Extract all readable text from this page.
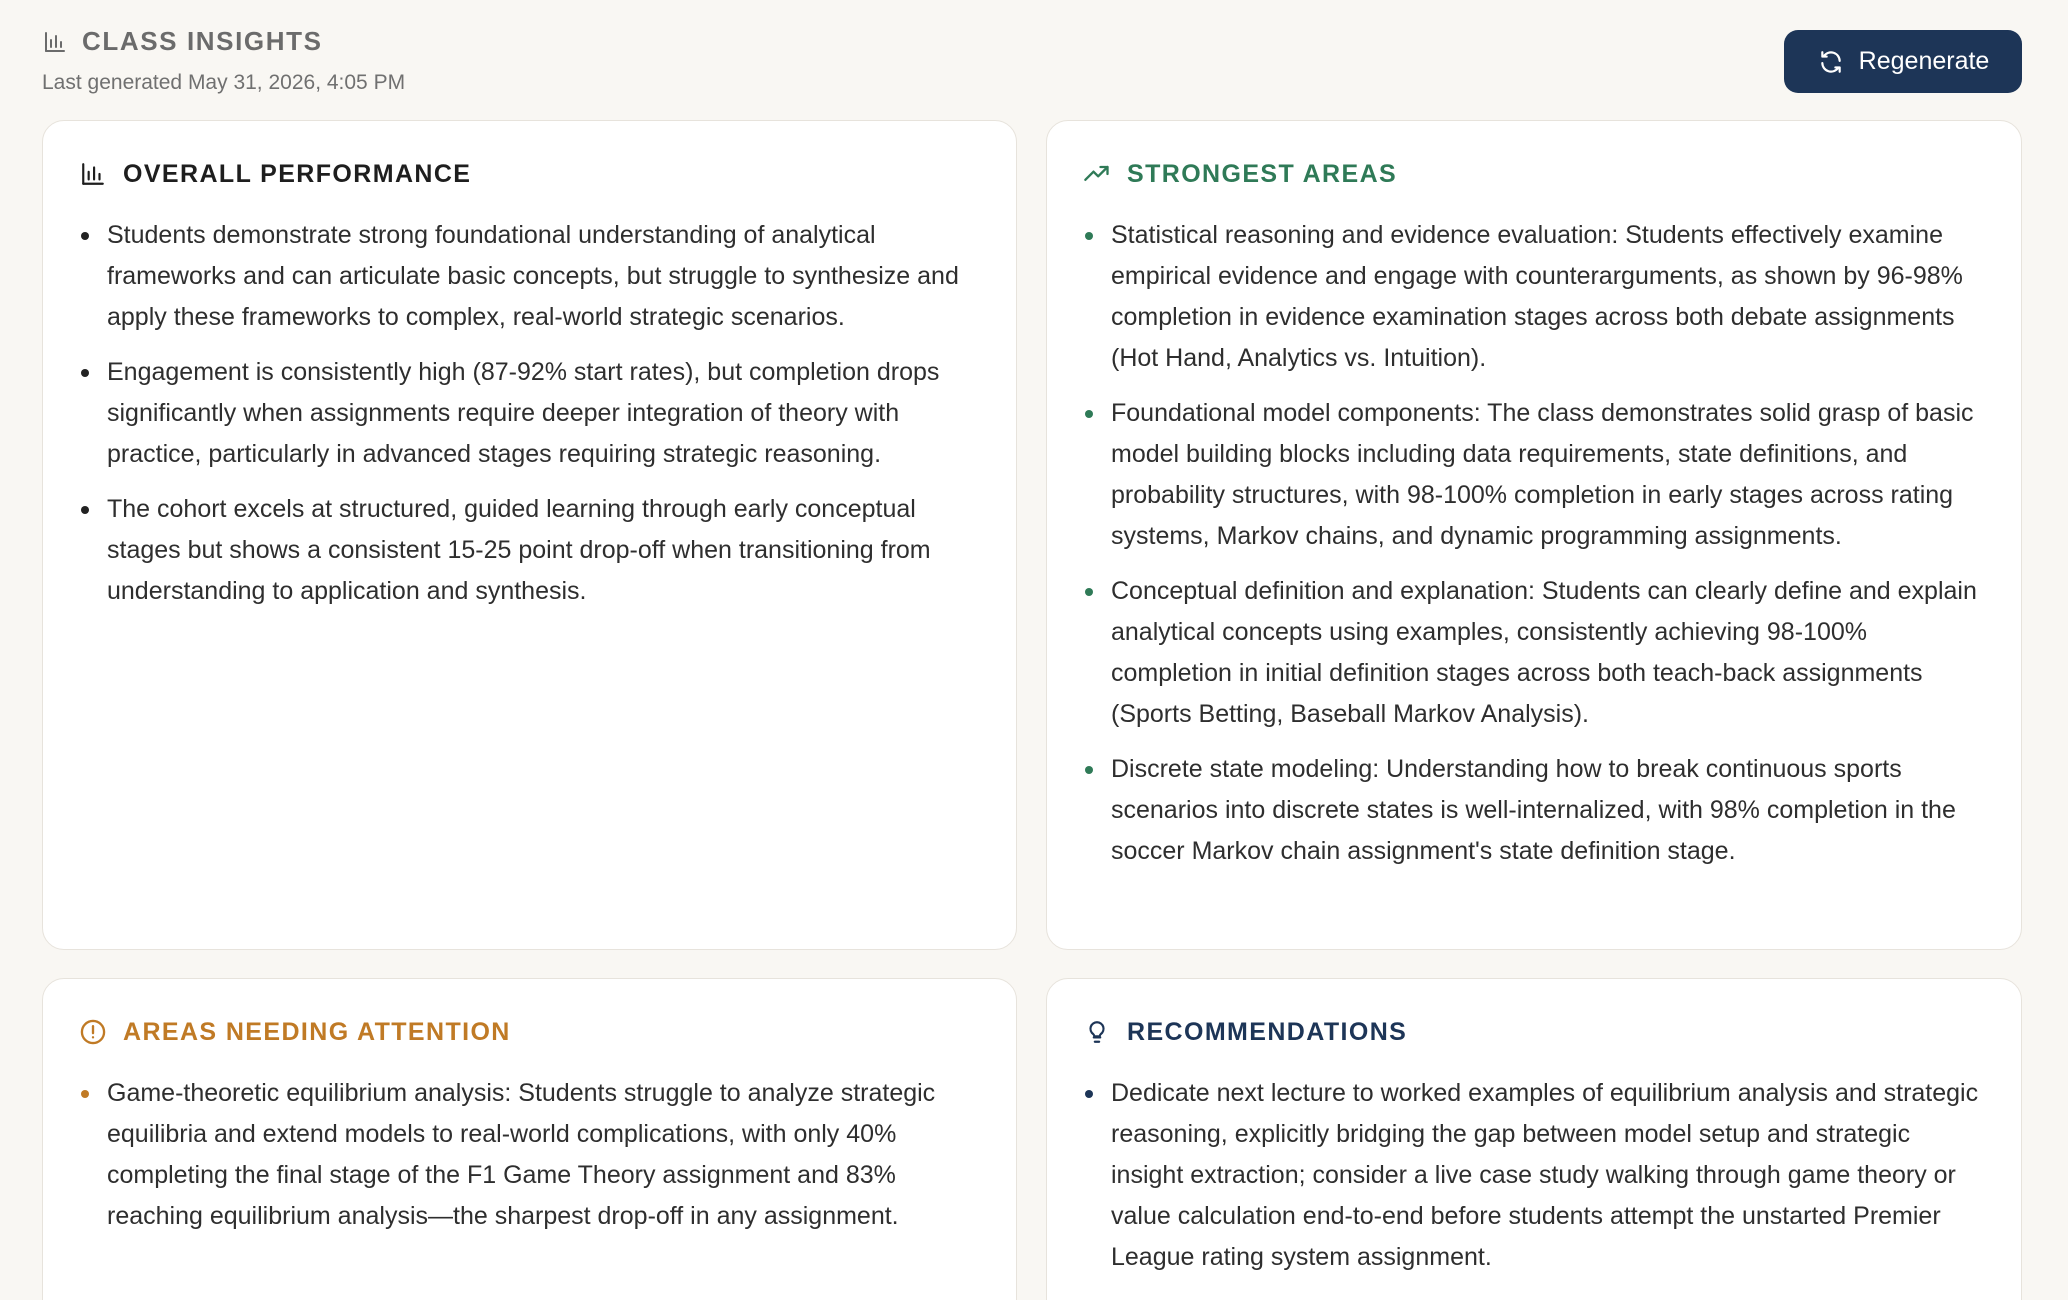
CLASS INSIGHTS
Last generated May 31, 2026, 4:05 PM
Regenerate
OVERALL PERFORMANCE
Students demonstrate strong foundational understanding of analytical frameworks and can articulate basic concepts, but struggle to synthesize and apply these frameworks to complex, real-world strategic scenarios.
Engagement is consistently high (87-92% start rates), but completion drops significantly when assignments require deeper integration of theory with practice, particularly in advanced stages requiring strategic reasoning.
The cohort excels at structured, guided learning through early conceptual stages but shows a consistent 15-25 point drop-off when transitioning from understanding to application and synthesis.
STRONGEST AREAS
Statistical reasoning and evidence evaluation: Students effectively examine empirical evidence and engage with counterarguments, as shown by 96-98% completion in evidence examination stages across both debate assignments (Hot Hand, Analytics vs. Intuition).
Foundational model components: The class demonstrates solid grasp of basic model building blocks including data requirements, state definitions, and probability structures, with 98-100% completion in early stages across rating systems, Markov chains, and dynamic programming assignments.
Conceptual definition and explanation: Students can clearly define and explain analytical concepts using examples, consistently achieving 98-100% completion in initial definition stages across both teach-back assignments (Sports Betting, Baseball Markov Analysis).
Discrete state modeling: Understanding how to break continuous sports scenarios into discrete states is well-internalized, with 98% completion in the soccer Markov chain assignment's state definition stage.
AREAS NEEDING ATTENTION
Game-theoretic equilibrium analysis: Students struggle to analyze strategic equilibria and extend models to real-world complications, with only 40% completing the final stage of the F1 Game Theory assignment and 83% reaching equilibrium analysis—the sharpest drop-off in any assignment.
RECOMMENDATIONS
Dedicate next lecture to worked examples of equilibrium analysis and strategic reasoning, explicitly bridging the gap between model setup and strategic insight extraction; consider a live case study walking through game theory or value calculation end-to-end before students attempt the unstarted Premier League rating system assignment.
